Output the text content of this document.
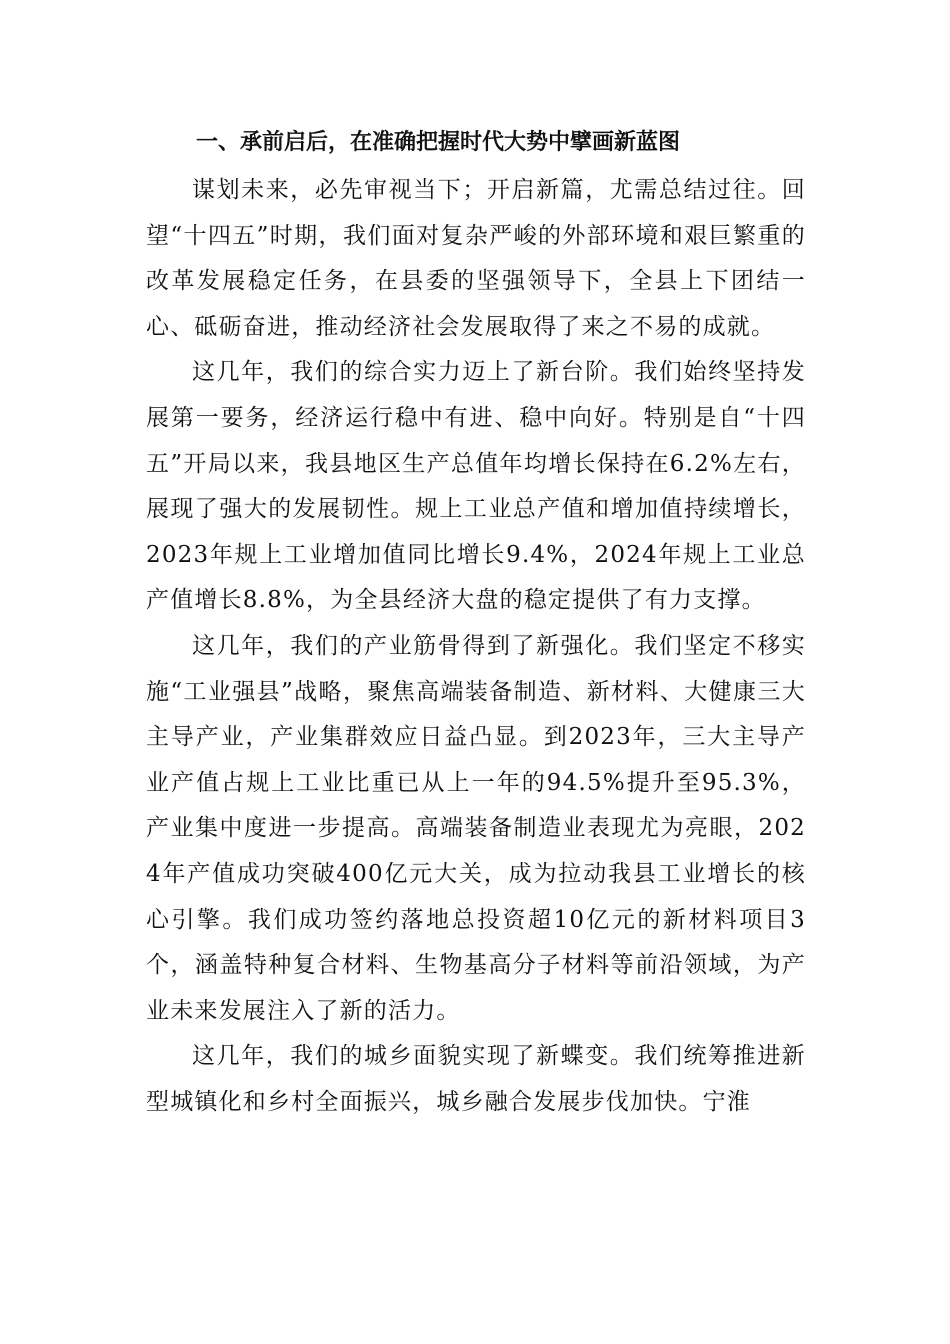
一、承前启后，在准确把握时代大势中擘画新蓝图

谋划未来，必先审视当下；开启新篇，尤需总结过往。回望“十四五”时期，我们面对复杂严峻的外部环境和艰巨繁重的改革发展稳定任务，在县委的坚强领导下，全县上下团结一心、砥砺奋进，推动经济社会发展取得了来之不易的成就。

这几年，我们的综合实力迈上了新台阶。我们始终坚持发展第一要务，经济运行稳中有进、稳中向好。特别是自“十四五”开局以来，我县地区生产总值年均增长保持在6.2%左右，展现了强大的发展韧性。规上工业总产值和增加值持续增长，2023年规上工业增加值同比增长9.4%，2024年规上工业总产值增长8.8%，为全县经济大盘的稳定提供了有力支撑。

这几年，我们的产业筋骨得到了新强化。我们坚定不移实施“工业强县”战略，聚焦高端装备制造、新材料、大健康三大主导产业，产业集群效应日益凸显。到2023年，三大主导产业产值占规上工业比重已从上一年的94.5%提升至95.3%，产业集中度进一步提高。高端装备制造业表现尤为亮眼，2024年产值成功突破400亿元大关，成为拉动我县工业增长的核心引擎。我们成功签约落地总投资超10亿元的新材料项目3个，涵盖特种复合材料、生物基高分子材料等前沿领域，为产业未来发展注入了新的活力。

这几年，我们的城乡面貌实现了新蝶变。我们统筹推进新型城镇化和乡村全面振兴，城乡融合发展步伐加快。宁淮
